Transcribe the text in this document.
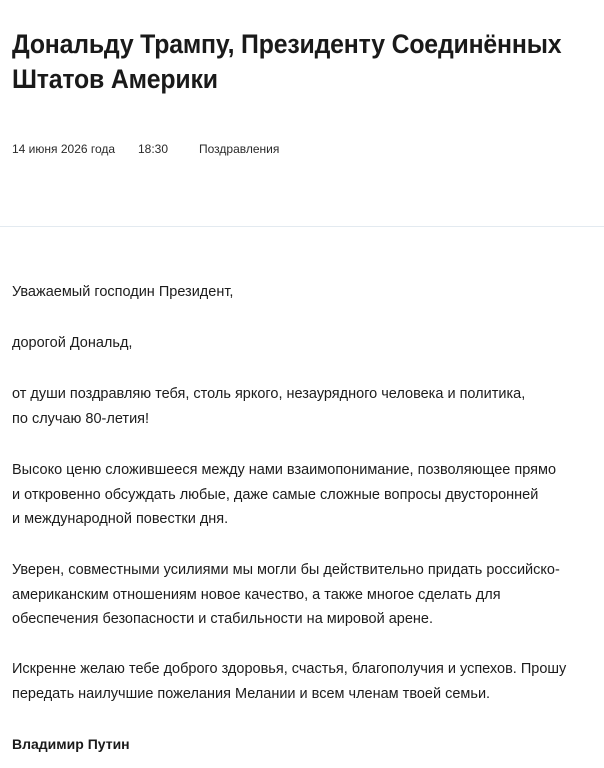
Дональду Трампу, Президенту Соединённых Штатов Америки
14 июня 2026 года 18:30	Поздравления

Уважаемый господин Президент,

дорогой Дональд,

от души поздравляю тебя, столь яркого, незаурядного человека и политика,
по случаю 80-летия!

Высоко ценю сложившееся между нами взаимопонимание, позволяющее прямо
и откровенно обсуждать любые, даже самые сложные вопросы двусторонней
и международной повестки дня.

Уверен, совместными усилиями мы могли бы действительно придать российско-
американским отношениям новое качество, а также многое сделать для
обеспечения безопасности и стабильности на мировой арене.

Искренне желаю тебе доброго здоровья, счастья, благополучия и успехов. Прошу
передать наилучшие пожелания Мелании и всем членам твоей семьи.

Владимир Путин
